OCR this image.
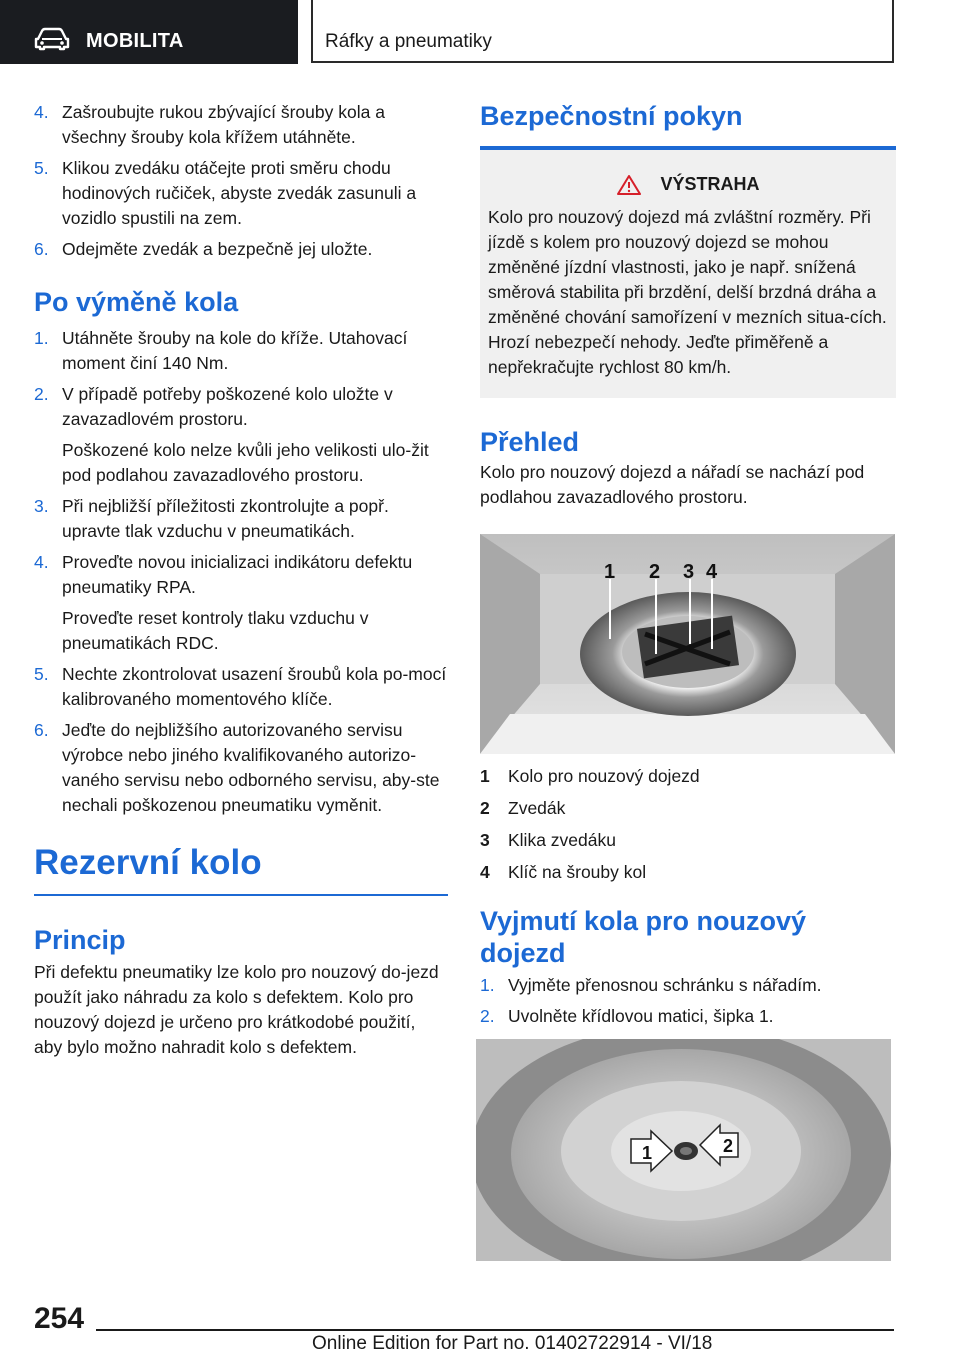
MOBILITA	Ráfky a pneumatiky
4. Zašroubujte rukou zbývající šrouby kola a všechny šrouby kola křížem utáhněte.
5. Klikou zvedáku otáčejte proti směru chodu hodinových ručiček, abyste zvedák zasunuli a vozidlo spustili na zem.
6. Odejměte zvedák a bezpečně jej uložte.
Po výměně kola
1. Utáhněte šrouby na kole do kříže. Utahovací moment činí 140 Nm.
2. V případě potřeby poškozené kolo uložte v zavazadlovém prostoru.
Poškozené kolo nelze kvůli jeho velikosti ulo‐žit pod podlahou zavazadlového prostoru.
3. Při nejbližší příležitosti zkontrolujte a popř. upravte tlak vzduchu v pneumatikách.
4. Proveďte novou inicializaci indikátoru defektu pneumatiky RPA.
Proveďte reset kontroly tlaku vzduchu v pneumatikách RDC.
5. Nechte zkontrolovat usazení šroubů kola po‐mocí kalibrovaného momentového klíče.
6. Jeďte do nejbližšího autorizovaného servisu výrobce nebo jiného kvalifikovaného autorizo‐vaného servisu nebo odborného servisu, aby‐ste nechali poškozenou pneumatiku vyměnit.
Rezervní kolo
Princip
Při defektu pneumatiky lze kolo pro nouzový do‐jezd použít jako náhradu za kolo s defektem. Kolo pro nouzový dojezd je určeno pro krátkodobé použití, aby bylo možno nahradit kolo s defektem.
Bezpečnostní pokyn
VÝSTRAHA
Kolo pro nouzový dojezd má zvláštní rozměry. Při jízdě s kolem pro nouzový dojezd se mohou změněné jízdní vlastnosti, jako je např. snížená směrová stabilita při brzdění, delší brzdná dráha a změněné chování samořízení v mezních situa‐cích. Hrozí nebezpečí nehody. Jeďte přiměřeně a nepřekračujte rychlost 80 km/h.
Přehled
Kolo pro nouzový dojezd a nářadí se nachází pod podlahou zavazadlového prostoru.
1 2 3 4
1	Kolo pro nouzový dojezd
2	Zvedák
3	Klika zvedáku
4	Klíč na šrouby kol
Vyjmutí kola pro nouzový dojezd
1. Vyjměte přenosnou schránku s nářadím.
2. Uvolněte křídlovou matici, šipka 1.
1	2
254
Online Edition for Part no. 01402722914 - VI/18
